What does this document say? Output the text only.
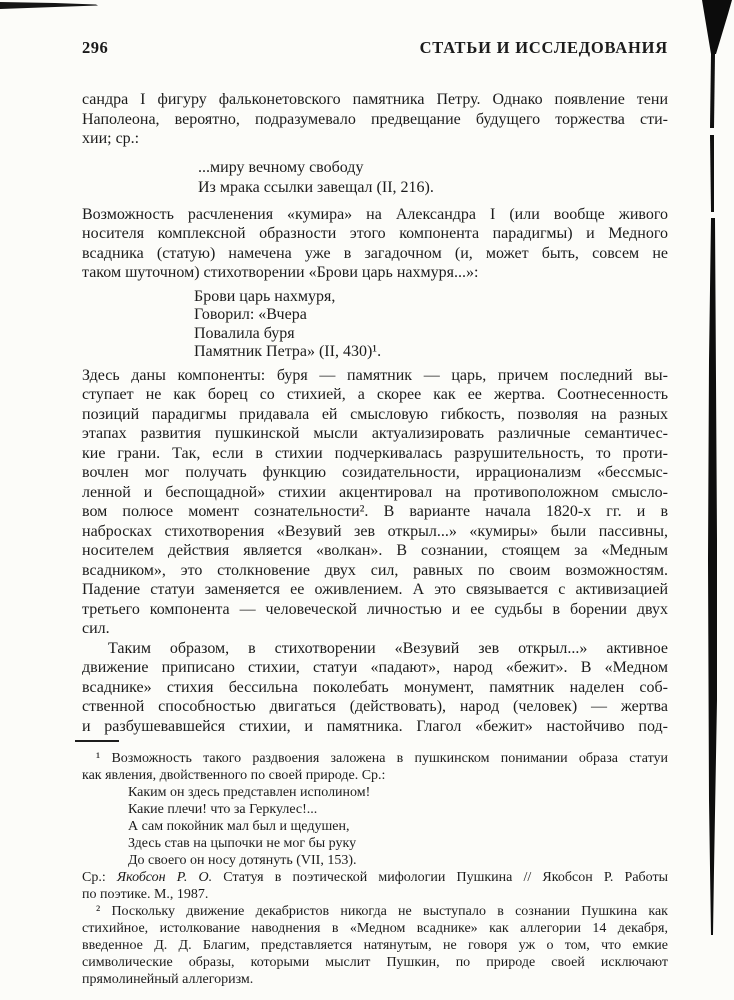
296	СТАТЬИ И ИССЛЕДОВАНИЯ
сандра I фигуру фальконетовского памятника Петру. Однако появление тени
Наполеона, вероятно, подразумевало предвещание будущего торжества сти-
хии; ср.:
...миру вечному свободу
Из мрака ссылки завещал (II, 216).
Возможность расчленения «кумира» на Александра I (или вообще живого
носителя комплексной образности этого компонента парадигмы) и Медного
всадника (статую) намечена уже в загадочном (и, может быть, совсем не
таком шуточном) стихотворении «Брови царь нахмуря...»:
Брови царь нахмуря,
Говорил: «Вчера
Повалила буря
Памятник Петра» (II, 430)¹.
Здесь даны компоненты: буря — памятник — царь, причем последний вы-
ступает не как борец со стихией, а скорее как ее жертва. Соотнесенность
позиций парадигмы придавала ей смысловую гибкость, позволяя на разных
этапах развития пушкинской мысли актуализировать различные семантичес-
кие грани. Так, если в стихии подчеркивалась разрушительность, то проти-
вочлен мог получать функцию созидательности, иррационализм «бессмыс-
ленной и беспощадной» стихии акцентировал на противоположном смысло-
вом полюсе момент сознательности². В варианте начала 1820-х гг. и в
набросках стихотворения «Везувий зев открыл...» «кумиры» были пассивны,
носителем действия является «волкан». В сознании, стоящем за «Медным
всадником», это столкновение двух сил, равных по своим возможностям.
Падение статуи заменяется ее оживлением. А это связывается с активизацией
третьего компонента — человеческой личностью и ее судьбы в борении двух
сил.
Таким образом, в стихотворении «Везувий зев открыл...» активное
движение приписано стихии, статуи «падают», народ «бежит». В «Медном
всаднике» стихия бессильна поколебать монумент, памятник наделен соб-
ственной способностью двигаться (действовать), народ (человек) — жертва
и разбушевавшейся стихии, и памятника. Глагол «бежит» настойчиво под-
¹ Возможность такого раздвоения заложена в пушкинском понимании образа статуи
как явления, двойственного по своей природе. Ср.:
Каким он здесь представлен исполином!
Какие плечи! что за Геркулес!...
А сам покойник мал был и щедушен,
Здесь став на цыпочки не мог бы руку
До своего он носу дотянуть (VII, 153).
Ср.: Якобсон Р. О. Статуя в поэтической мифологии Пушкина // Якобсон Р. Работы
по поэтике. М., 1987.
² Поскольку движение декабристов никогда не выступало в сознании Пушкина как
стихийное, истолкование наводнения в «Медном всаднике» как аллегории 14 декабря,
введенное Д. Д. Благим, представляется натянутым, не говоря уж о том, что емкие
символические образы, которыми мыслит Пушкин, по природе своей исключают
прямолинейный аллегоризм.
